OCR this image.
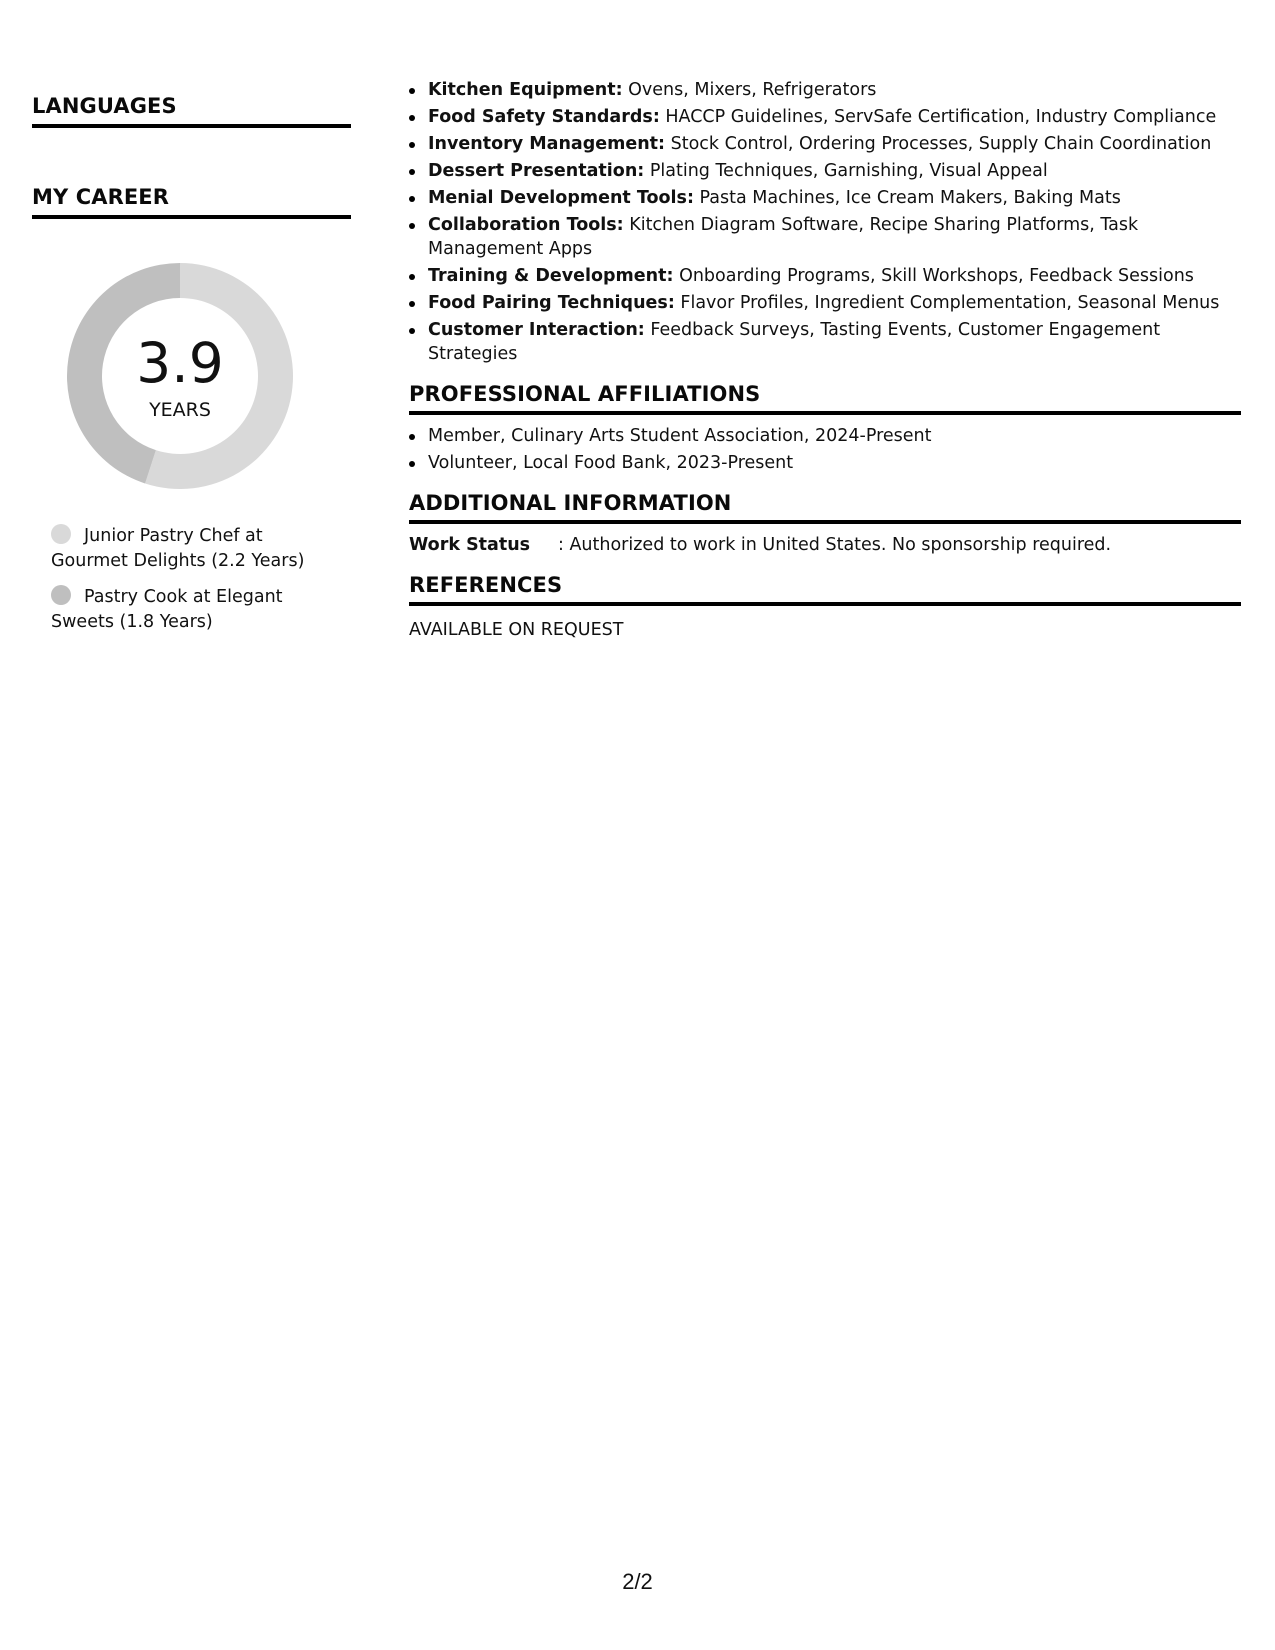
LANGUAGES
MY CAREER
3.9
YEARS
Junior Pastry Chef at Gourmet Delights (2.2 Years)
Pastry Cook at Elegant Sweets (1.8 Years)
Kitchen Equipment: Ovens, Mixers, Refrigerators
Food Safety Standards: HACCP Guidelines, ServSafe Certification, Industry Compliance
Inventory Management: Stock Control, Ordering Processes, Supply Chain Coordination
Dessert Presentation: Plating Techniques, Garnishing, Visual Appeal
Menial Development Tools: Pasta Machines, Ice Cream Makers, Baking Mats
Collaboration Tools: Kitchen Diagram Software, Recipe Sharing Platforms, Task Management Apps
Training & Development: Onboarding Programs, Skill Workshops, Feedback Sessions
Food Pairing Techniques: Flavor Profiles, Ingredient Complementation, Seasonal Menus
Customer Interaction: Feedback Surveys, Tasting Events, Customer Engagement Strategies
PROFESSIONAL AFFILIATIONS
Member, Culinary Arts Student Association, 2024-Present
Volunteer, Local Food Bank, 2023-Present
ADDITIONAL INFORMATION
Work Status : Authorized to work in United States. No sponsorship required.
REFERENCES
AVAILABLE ON REQUEST
2/2
